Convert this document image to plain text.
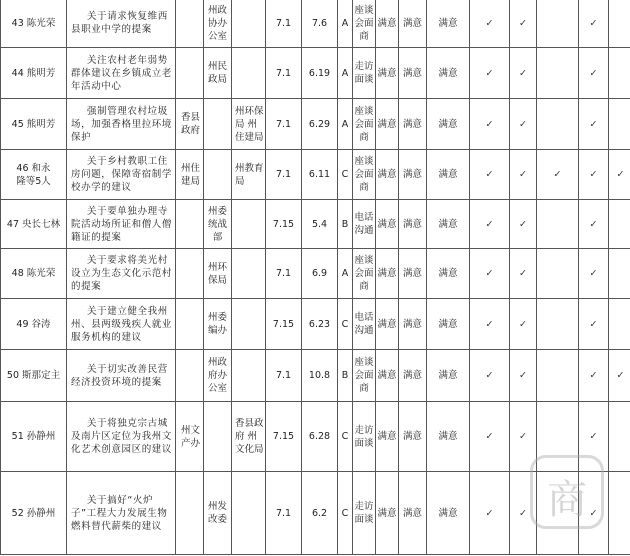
43 陈光荣	关于请求恢复维西县职业中学的提案		州政协办公室		7.1	7.6	A	座谈会面商	满意	满意	满意	✓	✓		✓	
44 熊明芳	关注农村老年弱势群体建议在乡镇成立老年活动中心		州民政局		7.1	6.19	A	走访面谈	满意	满意	满意	✓	✓		✓	
45 熊明芳	强制管理农村垃圾场，加强香格里拉环境保护	香县政府		州环保局 州住建局	7.1	6.29	A	座谈会面商	满意	满意	满意	✓	✓		✓	
46 和永隆等5人	关于乡村教职工住房问题，保障寄宿制学校办学的建议	州住建局		州教育局	7.1	6.11	C	座谈会面商	满意	满意	满意	✓	✓	✓	✓	✓
47 央长七林	关于要单独办理寺院活动场所证和僧人僧籍证的提案		州委统战部		7.15	5.4	B	电话沟通	满意	满意	满意	✓	✓		✓	
48 陈光荣	关于要求将美光村设立为生态文化示范村的提案		州环保局		7.1	6.9	A	座谈会面商	满意	满意	满意	✓	✓		✓	
49 谷涛	关于建立健全我州州、县两级残疾人就业服务机构的建议		州委编办		7.15	6.23	C	电话沟通	满意	满意	满意	✓	✓		✓	
50 斯那定主	关于切实改善民营经济投资环境的提案		州政府办公室		7.1	10.8	B	座谈会面商	满意	满意	满意	✓	✓		✓	✓
51 孙静州	关于将独克宗古城及南片区定位为我州文化艺术创意园区的建议	州文产办		香县政府 州文化局	7.15	6.28	C	走访面谈	满意	满意	满意	✓	✓		✓	
52 孙静州	关于搞好“火炉子”工程大力发展生物燃料替代薪柴的建议		州发改委		7.1	6.2	C	走访面谈	满意	满意	满意	✓	✓		✓	
商
